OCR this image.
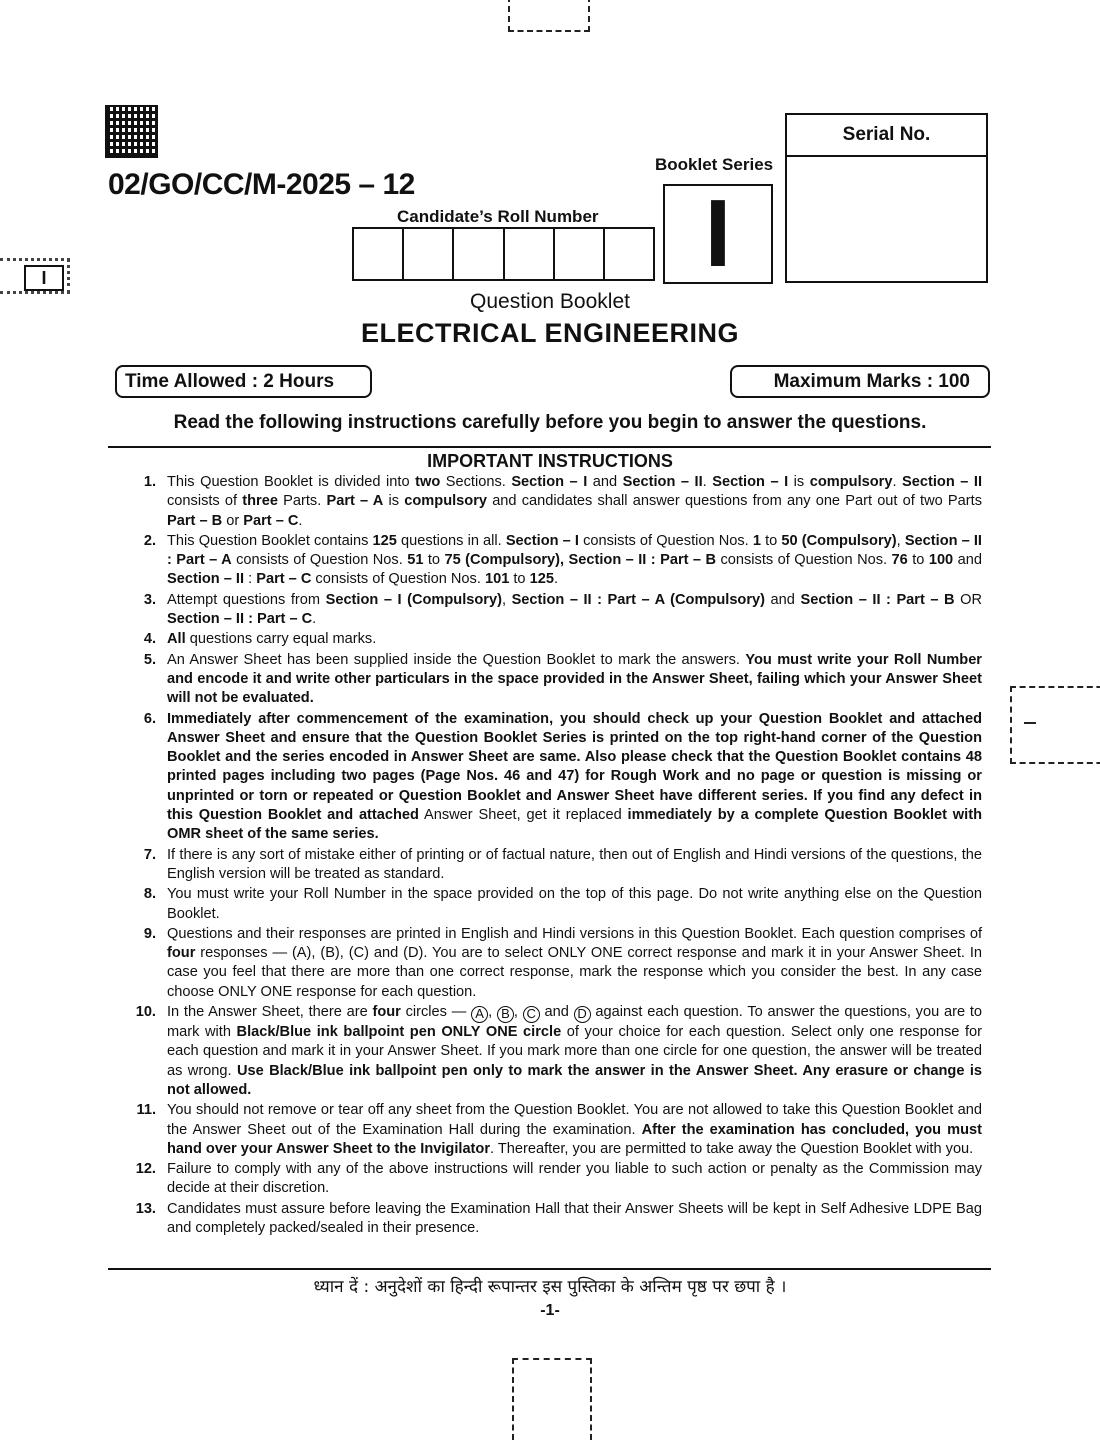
02/GO/CC/M-2025 – 12
Candidate’s Roll Number
Booklet Series
I
Serial No.
I
Question Booklet
ELECTRICAL ENGINEERING
Time Allowed : 2 Hours	Maximum Marks : 100
Read the following instructions carefully before you begin to answer the questions.
IMPORTANT INSTRUCTIONS
1. This Question Booklet is divided into two Sections. Section – I and Section – II. Section – I is compulsory. Section – II consists of three Parts. Part – A is compulsory and candidates shall answer questions from any one Part out of two Parts Part – B or Part – C.
2. This Question Booklet contains 125 questions in all. Section – I consists of Question Nos. 1 to 50 (Compulsory), Section – II : Part – A consists of Question Nos. 51 to 75 (Compulsory), Section – II : Part – B consists of Question Nos. 76 to 100 and Section – II : Part – C consists of Question Nos. 101 to 125.
3. Attempt questions from Section – I (Compulsory), Section – II : Part – A (Compulsory) and Section – II : Part – B OR Section – II : Part – C.
4. All questions carry equal marks.
5. An Answer Sheet has been supplied inside the Question Booklet to mark the answers. You must write your Roll Number and encode it and write other particulars in the space provided in the Answer Sheet, failing which your Answer Sheet will not be evaluated.
6. Immediately after commencement of the examination, you should check up your Question Booklet and attached Answer Sheet and ensure that the Question Booklet Series is printed on the top right-hand corner of the Question Booklet and the series encoded in Answer Sheet are same. Also please check that the Question Booklet contains 48 printed pages including two pages (Page Nos. 46 and 47) for Rough Work and no page or question is missing or unprinted or torn or repeated or Question Booklet and Answer Sheet have different series. If you find any defect in this Question Booklet and attached Answer Sheet, get it replaced immediately by a complete Question Booklet with OMR sheet of the same series.
7. If there is any sort of mistake either of printing or of factual nature, then out of English and Hindi versions of the questions, the English version will be treated as standard.
8. You must write your Roll Number in the space provided on the top of this page. Do not write anything else on the Question Booklet.
9. Questions and their responses are printed in English and Hindi versions in this Question Booklet. Each question comprises of four responses — (A), (B), (C) and (D). You are to select ONLY ONE correct response and mark it in your Answer Sheet. In case you feel that there are more than one correct response, mark the response which you consider the best. In any case choose ONLY ONE response for each question.
10. In the Answer Sheet, there are four circles — A , B , C and D against each question. To answer the questions, you are to mark with Black/Blue ink ballpoint pen ONLY ONE circle of your choice for each question. Select only one response for each question and mark it in your Answer Sheet. If you mark more than one circle for one question, the answer will be treated as wrong. Use Black/Blue ink ballpoint pen only to mark the answer in the Answer Sheet. Any erasure or change is not allowed.
11. You should not remove or tear off any sheet from the Question Booklet. You are not allowed to take this Question Booklet and the Answer Sheet out of the Examination Hall during the examination. After the examination has concluded, you must hand over your Answer Sheet to the Invigilator. Thereafter, you are permitted to take away the Question Booklet with you.
12. Failure to comply with any of the above instructions will render you liable to such action or penalty as the Commission may decide at their discretion.
13. Candidates must assure before leaving the Examination Hall that their Answer Sheets will be kept in Self Adhesive LDPE Bag and completely packed/sealed in their presence.
ध्यान दें : अनुदेशों का हिन्दी रूपान्तर इस पुस्तिका के अन्तिम पृष्ठ पर छपा है ।
-1-
